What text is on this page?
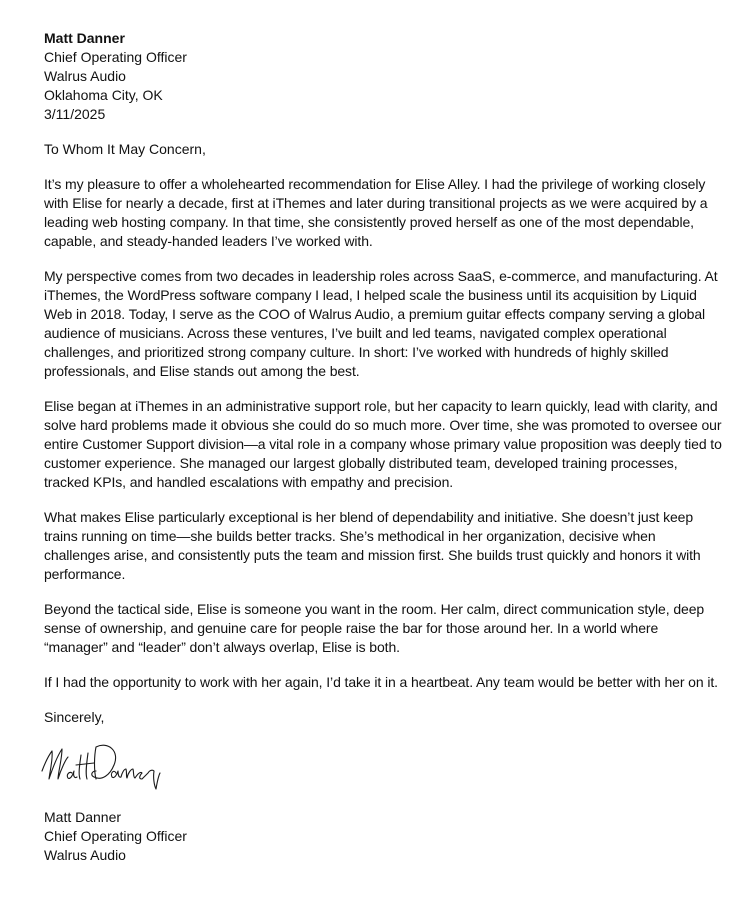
Matt Danner
Chief Operating Officer
Walrus Audio
Oklahoma City, OK
3/11/2025
To Whom It May Concern,

It’s my pleasure to offer a wholehearted recommendation for Elise Alley. I had the privilege of working closely with Elise for nearly a decade, first at iThemes and later during transitional projects as we were acquired by a leading web hosting company. In that time, she consistently proved herself as one of the most dependable, capable, and steady-handed leaders I’ve worked with.

My perspective comes from two decades in leadership roles across SaaS, e-commerce, and manufacturing. At iThemes, the WordPress software company I lead, I helped scale the business until its acquisition by Liquid Web in 2018. Today, I serve as the COO of Walrus Audio, a premium guitar effects company serving a global audience of musicians. Across these ventures, I’ve built and led teams, navigated complex operational challenges, and prioritized strong company culture. In short: I’ve worked with hundreds of highly skilled professionals, and Elise stands out among the best.

Elise began at iThemes in an administrative support role, but her capacity to learn quickly, lead with clarity, and solve hard problems made it obvious she could do so much more. Over time, she was promoted to oversee our entire Customer Support division—a vital role in a company whose primary value proposition was deeply tied to customer experience. She managed our largest globally distributed team, developed training processes, tracked KPIs, and handled escalations with empathy and precision.

What makes Elise particularly exceptional is her blend of dependability and initiative. She doesn’t just keep trains running on time—she builds better tracks. She’s methodical in her organization, decisive when challenges arise, and consistently puts the team and mission first. She builds trust quickly and honors it with performance.

Beyond the tactical side, Elise is someone you want in the room. Her calm, direct communication style, deep sense of ownership, and genuine care for people raise the bar for those around her. In a world where “manager” and “leader” don’t always overlap, Elise is both.

If I had the opportunity to work with her again, I’d take it in a heartbeat. Any team would be better with her on it.

Sincerely,
Matt Danner
Chief Operating Officer
Walrus Audio
